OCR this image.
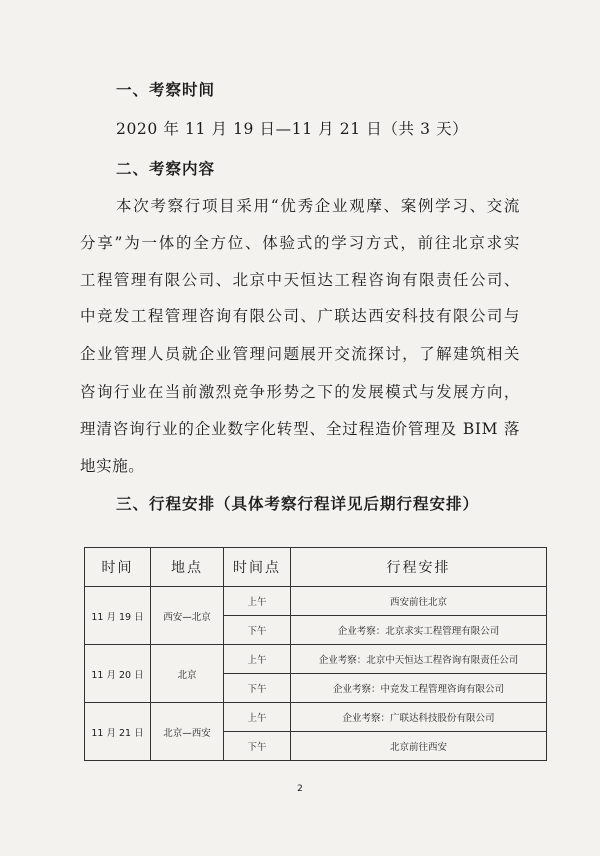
一、考察时间
2020 年 11 月 19 日—11 月 21 日（共 3 天）
二、考察内容
本次考察行项目采用“优秀企业观摩、案例学习、交流
分享”为一体的全方位、体验式的学习方式，前往北京求实
工程管理有限公司、北京中天恒达工程咨询有限责任公司、
中竞发工程管理咨询有限公司、广联达西安科技有限公司与
企业管理人员就企业管理问题展开交流探讨，了解建筑相关
咨询行业在当前激烈竞争形势之下的发展模式与发展方向，
理清咨询行业的企业数字化转型、全过程造价管理及 BIM 落
地实施。
三、行程安排（具体考察行程详见后期行程安排）
时间	地点	时间点	行程安排
11 月 19 日	西安—北京	上午	西安前往北京
		下午	企业考察：北京求实工程管理有限公司
11 月 20 日	北京	上午	企业考察：北京中天恒达工程咨询有限责任公司
		下午	企业考察：中竞发工程管理咨询有限公司
11 月 21 日	北京—西安	上午	企业考察：广联达科技股份有限公司
		下午	北京前往西安
2
